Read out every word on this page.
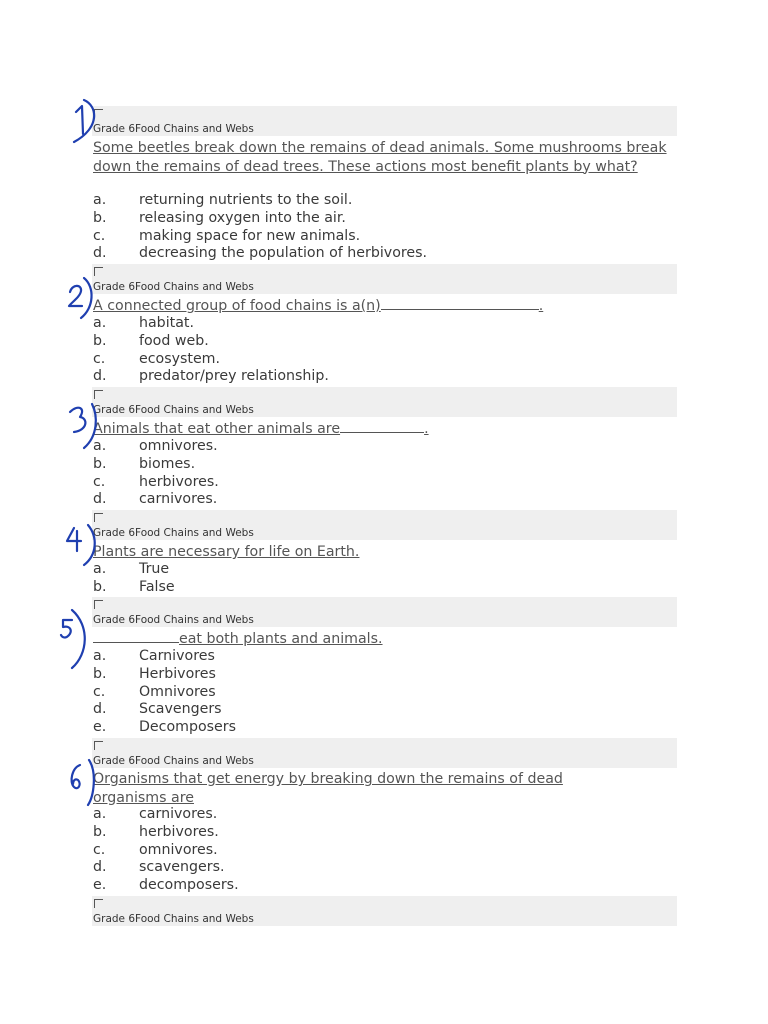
Grade 6Food Chains and Webs
Some beetles break down the remains of dead animals. Some mushrooms break down the remains of dead trees. These actions most benefit plants by what?
a. returning nutrients to the soil.
b. releasing oxygen into the air.
c. making space for new animals.
d. decreasing the population of herbivores.
Grade 6Food Chains and Webs
A connected group of food chains is a(n)	.
a. habitat.
b. food web.
c. ecosystem.
d. predator/prey relationship.
Grade 6Food Chains and Webs
Animals that eat other animals are	.
a. omnivores.
b. biomes.
c. herbivores.
d. carnivores.
Grade 6Food Chains and Webs
Plants are necessary for life on Earth.
a. True
b. False
Grade 6Food Chains and Webs
eat both plants and animals.
a. Carnivores
b. Herbivores
c. Omnivores
d. Scavengers
e. Decomposers
Grade 6Food Chains and Webs
Organisms that get energy by breaking down the remains of dead organisms are
a. carnivores.
b. herbivores.
c. omnivores.
d. scavengers.
e. decomposers.
Grade 6Food Chains and Webs
